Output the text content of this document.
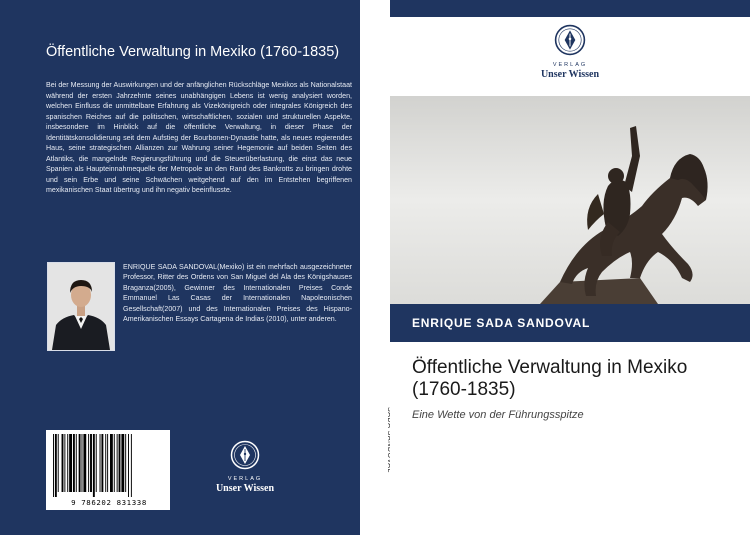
Öffentliche Verwaltung in Mexiko (1760-1835)

Bei der Messung der Auswirkungen und der anfänglichen Rückschläge Mexikos als Nationalstaat während der ersten Jahrzehnte seines unabhängigen Lebens ist wenig analysiert worden, welchen Einfluss die unmittelbare Erfahrung als Vizekönigreich oder integrales Königreich des spanischen Reiches auf die politischen, wirtschaftlichen, sozialen und strukturellen Aspekte, insbesondere im Hinblick auf die öffentliche Verwaltung, in dieser Phase der Identitätskonsolidierung seit dem Aufstieg der Bourbonen-Dynastie hatte, als neues regierendes Haus, seine strategischen Allianzen zur Wahrung seiner Hegemonie auf beiden Seiten des Atlantiks, die mangelnde Regierungsführung und die Steuerüberlastung, die einst das neue Spanien als Haupteinnahmequelle der Metropole an den Rand des Bankrotts zu bringen drohte und sein Erbe und seine Schwächen weitgehend auf den im Entstehen begriffenen mexikanischen Staat übertrug und ihn negativ beeinflusste.

ENRIQUE SADA SANDOVAL(Mexiko) ist ein mehrfach ausgezeichneter Professor, Ritter des Ordens von San Miguel del Ala des Königshauses Braganza(2005), Gewinner des Internationalen Preises Conde Emmanuel Las Casas der Internationalen Napoleonischen Gesellschaft(2007) und des Internationalen Preises des Hispano-Amerikanischen Essays Cartagena de Indias (2010), unter anderen.

9 786202 831338
VERLAG
Unser Wissen
VERLAG
Unser Wissen
ENRIQUE SADA SANDOVAL
Öffentliche Verwaltung in Mexiko (1760-1835)
Eine Wette von der Führungsspitze
